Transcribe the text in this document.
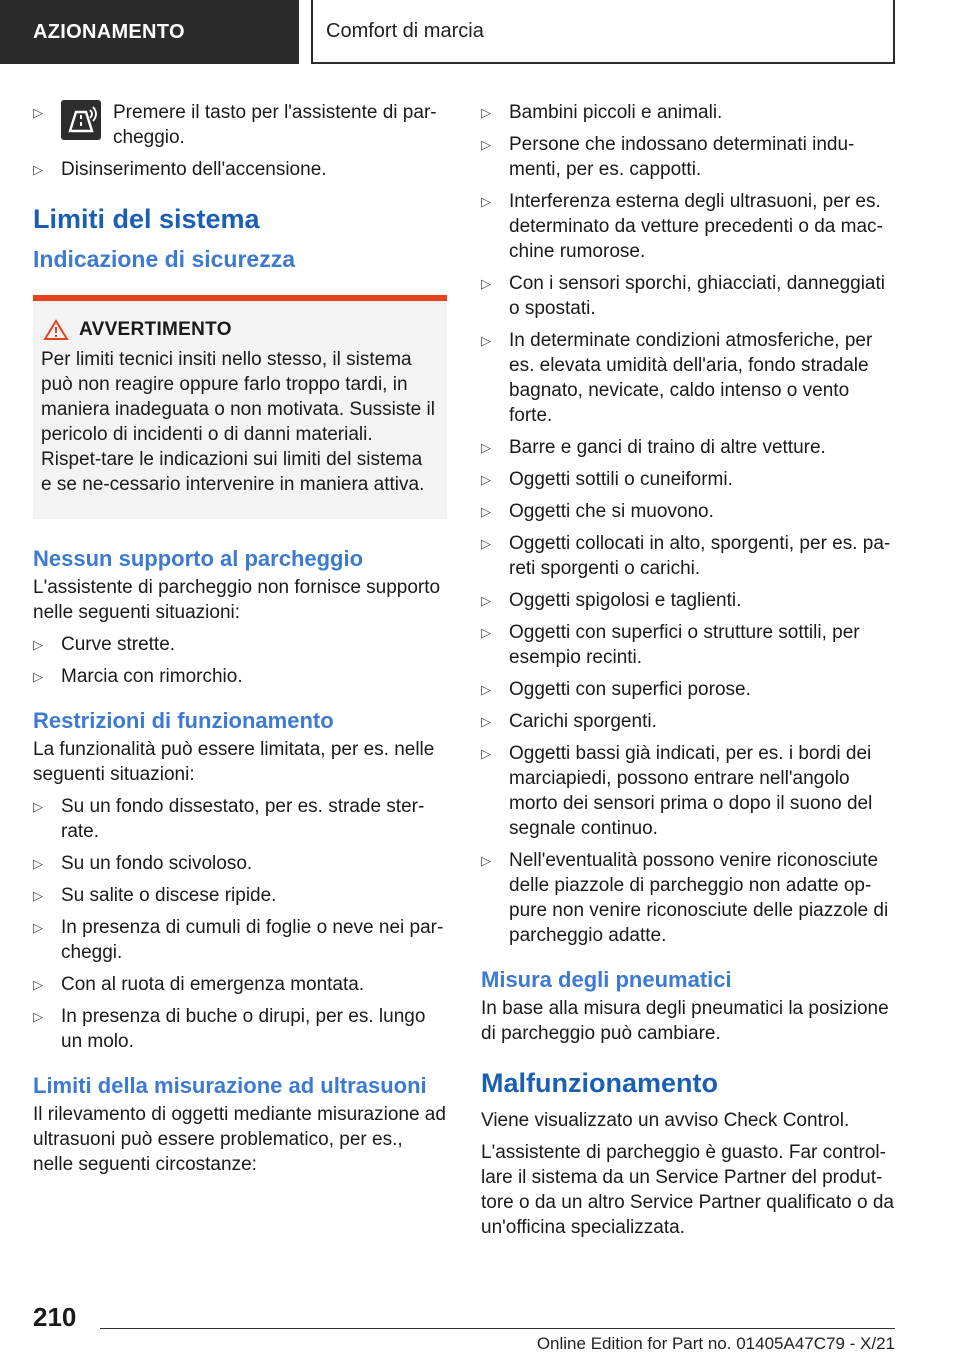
AZIONAMENTO	Comfort di marcia
▷	Premere il tasto per l'assistente di par-cheggio.
▷ Disinserimento dell'accensione.
Limiti del sistema
Indicazione di sicurezza
AVVERTIMENTO
Per limiti tecnici insiti nello stesso, il sistema può non reagire oppure farlo troppo tardi, in maniera inadeguata o non motivata. Sussiste il pericolo di incidenti o di danni materiali. Rispet-tare le indicazioni sui limiti del sistema e se ne-cessario intervenire in maniera attiva.
Nessun supporto al parcheggio

L'assistente di parcheggio non fornisce supporto nelle seguenti situazioni:

▷ Curve strette.
▷ Marcia con rimorchio.
Restrizioni di funzionamento

La funzionalità può essere limitata, per es. nelle seguenti situazioni:

▷ Su un fondo dissestato, per es. strade ster-rate.
▷ Su un fondo scivoloso.
▷ Su salite o discese ripide.
▷ In presenza di cumuli di foglie o neve nei par-cheggi.
▷ Con al ruota di emergenza montata.
▷ In presenza di buche o dirupi, per es. lungo un molo.
Limiti della misurazione ad ultrasuoni

Il rilevamento di oggetti mediante misurazione ad ultrasuoni può essere problematico, per es., nelle seguenti circostanze:

▷ Bambini piccoli e animali.
▷ Persone che indossano determinati indu-menti, per es. cappotti.
▷ Interferenza esterna degli ultrasuoni, per es. determinato da vetture precedenti o da mac-chine rumorose.
▷ Con i sensori sporchi, ghiacciati, danneggiati o spostati.
▷ In determinate condizioni atmosferiche, per es. elevata umidità dell'aria, fondo stradale bagnato, nevicate, caldo intenso o vento forte.
▷ Barre e ganci di traino di altre vetture.
▷ Oggetti sottili o cuneiformi.
▷ Oggetti che si muovono.
▷ Oggetti collocati in alto, sporgenti, per es. pa-reti sporgenti o carichi.
▷ Oggetti spigolosi e taglienti.
▷ Oggetti con superfici o strutture sottili, per esempio recinti.
▷ Oggetti con superfici porose.
▷ Carichi sporgenti.
▷ Oggetti bassi già indicati, per es. i bordi dei marciapiedi, possono entrare nell'angolo morto dei sensori prima o dopo il suono del segnale continuo.
▷ Nell'eventualità possono venire riconosciute delle piazzole di parcheggio non adatte op-pure non venire riconosciute delle piazzole di parcheggio adatte.
Misura degli pneumatici

In base alla misura degli pneumatici la posizione di parcheggio può cambiare.

Malfunzionamento

Viene visualizzato un avviso Check Control.

L'assistente di parcheggio è guasto. Far control-lare il sistema da un Service Partner del produt-tore o da un altro Service Partner qualificato o da un'officina specializzata.

210
Online Edition for Part no. 01405A47C79 - X/21
